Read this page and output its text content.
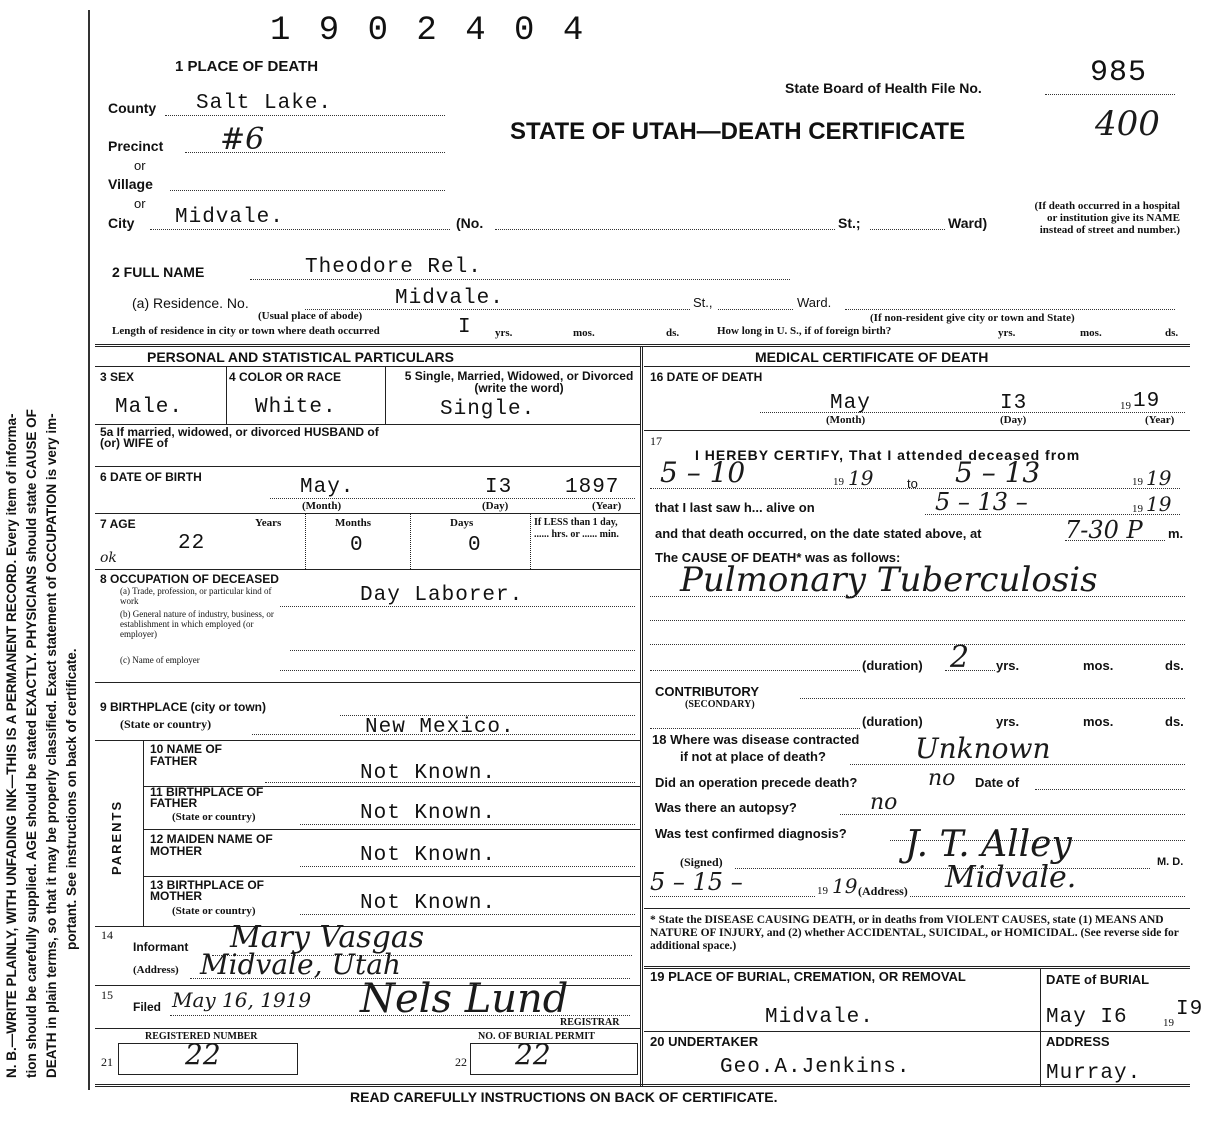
N. B.—WRITE PLAINLY, WITH UNFADING INK—THIS IS A PERMANENT RECORD. Every item of informa- tion should be carefully supplied. AGE should be stated EXACTLY. PHYSICIANS should state CAUSE OF DEATH in plain terms, so that it may be properly classified. Exact statement of OCCUPATION is very im- portant. See instructions on back of certificate.
1 9 0 2 4 0 4
1 PLACE OF DEATH
State Board of Health File No.	985
STATE OF UTAH—DEATH CERTIFICATE	400
County Salt Lake.
Precinct #6
or
Village
or
City Midvale.	(No.	St.;	Ward)
(If death occurred in a hospital or institution give its NAME instead of street and number.)
2 FULL NAME	Theodore Rel.
(a) Residence. No.	Midvale.	St.,	Ward.
(Usual place of abode)	(If non-resident give city or town and State)
Length of residence in city or town where death occurred	I yrs.	mos.	ds.	How long in U. S., if of foreign birth?	yrs.	mos.	ds.
PERSONAL AND STATISTICAL PARTICULARS
3 SEX
Male.
4 COLOR OR RACE
White.
5 Single, Married, Widowed, or Divorced (write the word)
Single.
5a If married, widowed, or divorced HUSBAND of (or) WIFE of
6 DATE OF BIRTH	May.	I3	1897
(Month)	(Day)	(Year)
7 AGE	Years	Months	Days
22	0	0
ok
If LESS than 1 day, ...... hrs. or ...... min.
8 OCCUPATION OF DECEASED
(a) Trade, profession, or particular kind of work
(b) General nature of industry, business, or establishment in which employed (or employer)
(c) Name of employer
Day Laborer.
9 BIRTHPLACE (city or town)
(State or country)	New Mexico.
PARENTS
10 NAME OF FATHER
Not Known.
11 BIRTHPLACE OF FATHER
(State or country)	Not Known.
12 MAIDEN NAME OF MOTHER	Not Known.
13 BIRTHPLACE OF MOTHER
(State or country)	Not Known.
14
Informant Mary Vasgas
(Address) Midvale, Utah
15
Filed May 16, 1919 Nels Lund
REGISTRAR
REGISTERED NUMBER
21	22
NO. OF BURIAL PERMIT
22 22
MEDICAL CERTIFICATE OF DEATH
16 DATE OF DEATH
May	I3	19 19
(Month)	(Day)	(Year)
17
I HEREBY CERTIFY, That I attended deceased from
5 – 10	19 19	to 5 – 13	19 19
that I last saw h... alive on	5 – 13 –	19 19
and that death occurred, on the date stated above, at	7-30 P m.
The CAUSE OF DEATH* was as follows:
Pulmonary Tuberculosis
(duration) 2 yrs.	mos.	ds.
CONTRIBUTORY
(SECONDARY)
(duration)	yrs.	mos.	ds.
18 Where was disease contracted
if not at place of death?	Unknown
Did an operation precede death?	no Date of
Was there an autopsy?	no
Was test confirmed diagnosis?
(Signed)	J. T. Alley	M. D.
5 – 15 –	19 19 (Address) Midvale.
* State the DISEASE CAUSING DEATH, or in deaths from VIOLENT CAUSES, state (1) MEANS AND NATURE OF INJURY, and (2) whether ACCIDENTAL, SUICIDAL, or HOMICIDAL. (See reverse side for additional space.)
19 PLACE OF BURIAL, CREMATION, OR REMOVAL
Midvale.
DATE of BURIAL
May I6	19
I9
20 UNDERTAKER
Geo.A.Jenkins.
ADDRESS
Murray.
READ CAREFULLY INSTRUCTIONS ON BACK OF CERTIFICATE.
